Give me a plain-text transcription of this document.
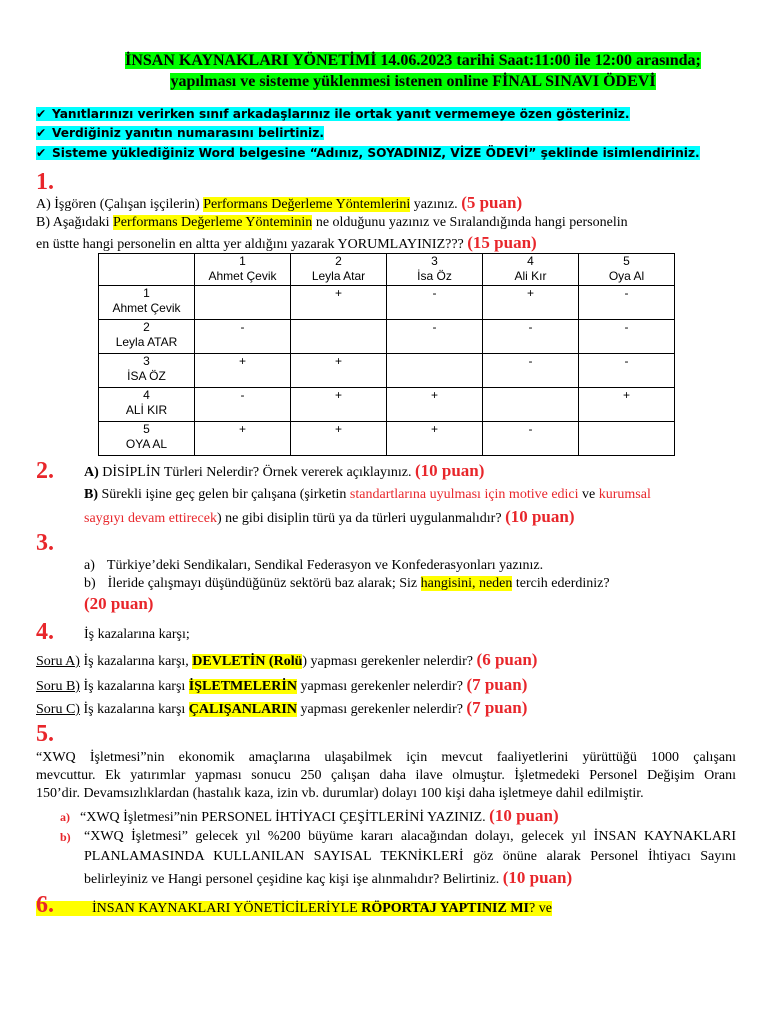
İNSAN KAYNAKLARI YÖNETİMİ 14.06.2023 tarihi Saat:11:00 ile 12:00 arasında;
yapılması ve sisteme yüklenmesi istenen online FİNAL SINAVI ÖDEVİ
✔ Yanıtlarınızı verirken sınıf arkadaşlarınız ile ortak yanıt vermemeye özen gösteriniz.
✔ Verdiğiniz yanıtın numarasını belirtiniz.
✔ Sisteme yüklediğiniz Word belgesine “Adınız, SOYADINIZ, VİZE ÖDEVİ” şeklinde isimlendiriniz.
1.
A) İşgören (Çalışan işçilerin) Performans Değerleme Yöntemlerini yazınız. (5 puan)
B) Aşağıdaki Performans Değerleme Yönteminin ne olduğunu yazınız ve Sıralandığında hangi personelin
en üstte hangi personelin en altta yer aldığını yazarak YORUMLAYINIZ??? (15 puan)
	1
Ahmet Çevik	2
Leyla Atar	3
İsa Öz	4
Ali Kır	5
Oya Al
1
Ahmet Çevik		+	-	+	-
2
Leyla ATAR	-		-	-	-
3
İSA ÖZ	+	+		-	-
4
ALİ KIR	-	+	+		+
5
OYA AL	+	+	+	-	
2. A) DİSİPLİN Türleri Nelerdir? Örnek vererek açıklayınız. (10 puan)
B) Sürekli işine geç gelen bir çalışana (şirketin standartlarına uyulması için motive edici ve kurumsal
saygıyı devam ettirecek) ne gibi disiplin türü ya da türleri uygulanmalıdır? (10 puan)
3.
a) Türkiye’deki Sendikaları, Sendikal Federasyon ve Konfederasyonları yazınız.
b) İleride çalışmayı düşündüğünüz sektörü baz alarak; Siz hangisini, neden tercih ederdiniz?
(20 puan)
4. İş kazalarına karşı;
Soru A) İş kazalarına karşı, DEVLETİN (Rolü) yapması gerekenler nelerdir? (6 puan)
Soru B) İş kazalarına karşı İŞLETMELERİN yapması gerekenler nelerdir? (7 puan)
Soru C) İş kazalarına karşı ÇALIŞANLARIN yapması gerekenler nelerdir? (7 puan)
5.
“XWQ İşletmesi”nin ekonomik amaçlarına ulaşabilmek için mevcut faaliyetlerini yürüttüğü 1000 çalışanı
mevcuttur. Ek yatırımlar yapması sonucu 250 çalışan daha ilave olmuştur. İşletmedeki Personel Değişim Oranı
150’dir. Devamsızlıklardan (hastalık kaza, izin vb. durumlar) dolayı 100 kişi daha işletmeye dahil edilmiştir.
a) “XWQ İşletmesi”nin PERSONEL İHTİYACI ÇEŞİTLERİNİ YAZINIZ. (10 puan)
b) “XWQ İşletmesi” gelecek yıl %200 büyüme kararı alacağından dolayı, gelecek yıl İNSAN KAYNAKLARI
PLANLAMASINDA KULLANILAN SAYISAL TEKNİKLERİ göz önüne alarak Personel İhtiyacı Sayını
belirleyiniz ve Hangi personel çeşidine kaç kişi işe alınmalıdır? Belirtiniz. (10 puan)
6.	İNSAN KAYNAKLARI YÖNETİCİLERİYLE RÖPORTAJ YAPTINIZ MI? ve
